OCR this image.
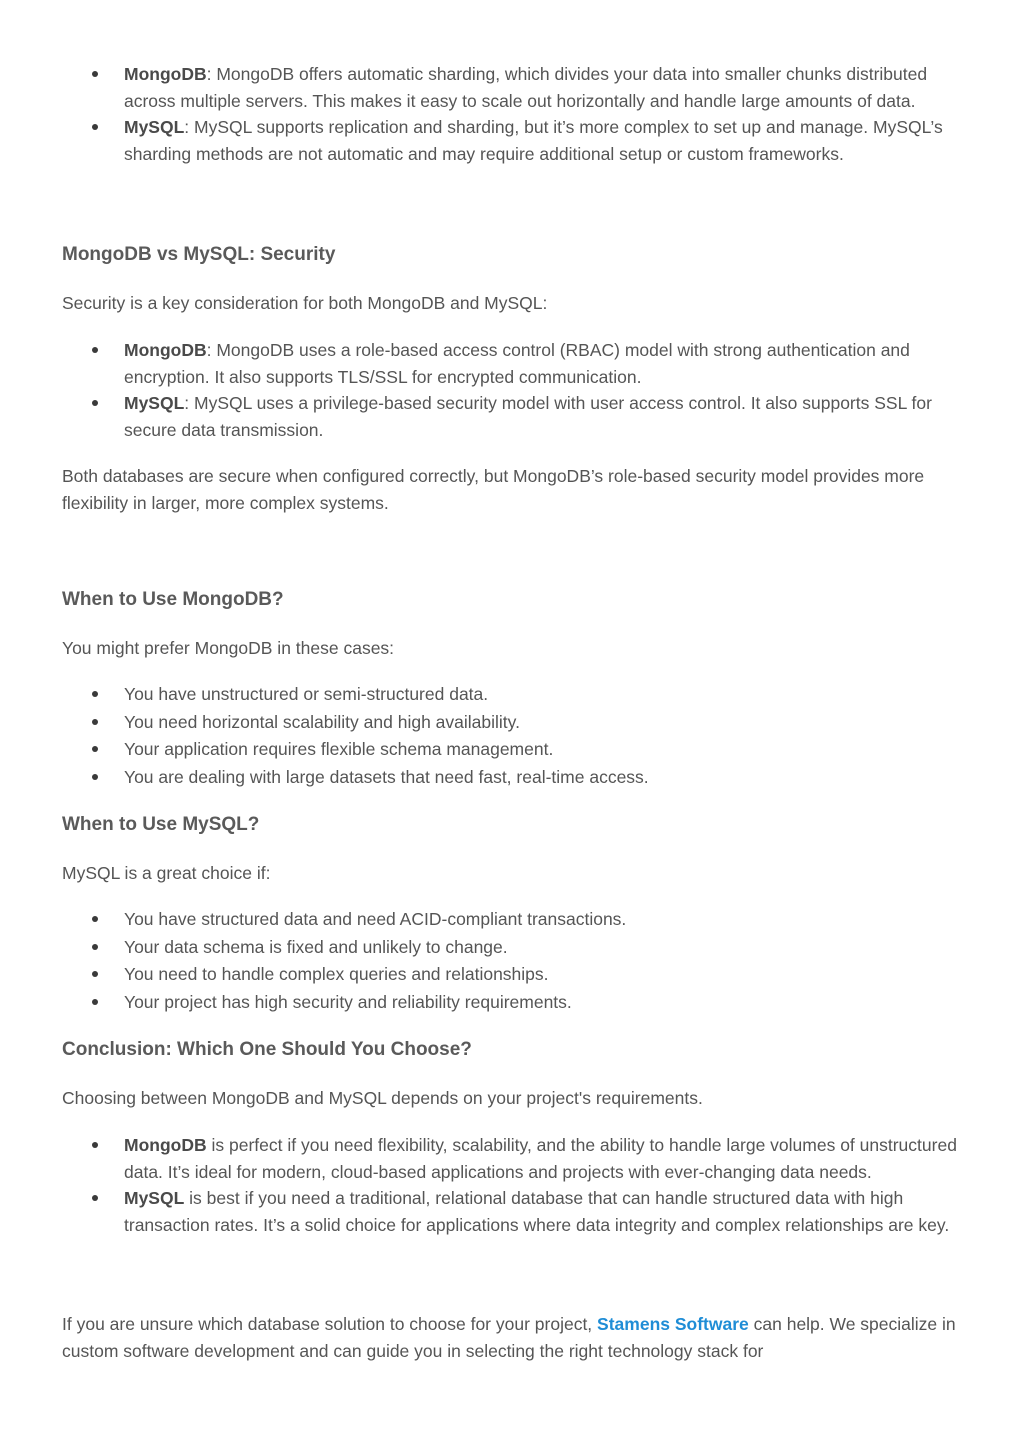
MongoDB: MongoDB offers automatic sharding, which divides your data into smaller chunks distributed across multiple servers. This makes it easy to scale out horizontally and handle large amounts of data.
MySQL: MySQL supports replication and sharding, but it’s more complex to set up and manage. MySQL’s sharding methods are not automatic and may require additional setup or custom frameworks.
MongoDB vs MySQL: Security

Security is a key consideration for both MongoDB and MySQL:

MongoDB: MongoDB uses a role-based access control (RBAC) model with strong authentication and encryption. It also supports TLS/SSL for encrypted communication.
MySQL: MySQL uses a privilege-based security model with user access control. It also supports SSL for secure data transmission.

Both databases are secure when configured correctly, but MongoDB’s role-based security model provides more flexibility in larger, more complex systems.

When to Use MongoDB?

You might prefer MongoDB in these cases:

You have unstructured or semi-structured data.
You need horizontal scalability and high availability.
Your application requires flexible schema management.
You are dealing with large datasets that need fast, real-time access.
When to Use MySQL?

MySQL is a great choice if:

You have structured data and need ACID-compliant transactions.
Your data schema is fixed and unlikely to change.
You need to handle complex queries and relationships.
Your project has high security and reliability requirements.
Conclusion: Which One Should You Choose?

Choosing between MongoDB and MySQL depends on your project's requirements.

MongoDB is perfect if you need flexibility, scalability, and the ability to handle large volumes of unstructured data. It’s ideal for modern, cloud-based applications and projects with ever-changing data needs.
MySQL is best if you need a traditional, relational database that can handle structured data with high transaction rates. It’s a solid choice for applications where data integrity and complex relationships are key.

If you are unsure which database solution to choose for your project, Stamens Software can help. We specialize in custom software development and can guide you in selecting the right technology stack for
